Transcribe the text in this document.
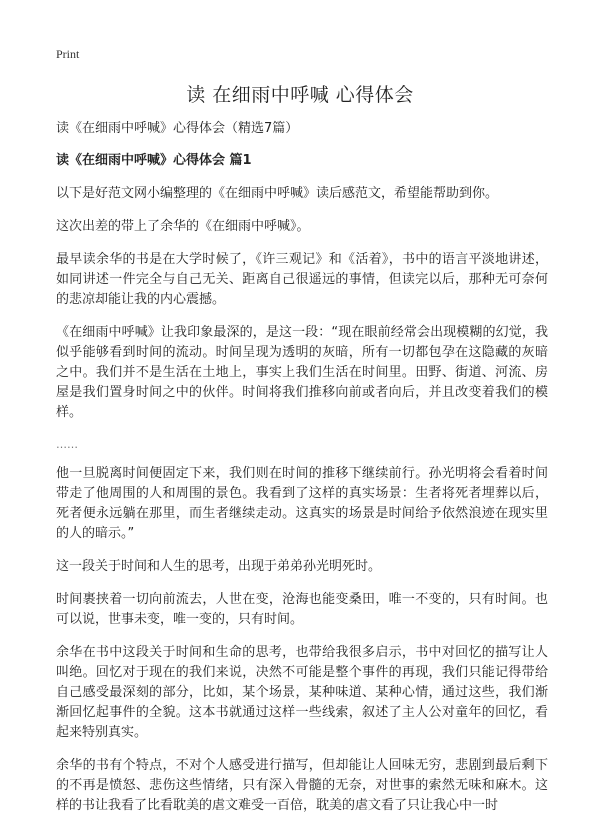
Print
读 在细雨中呼喊 心得体会

读《在细雨中呼喊》心得体会（精选7篇）

读《在细雨中呼喊》心得体会 篇1

以下是好范文网小编整理的《在细雨中呼喊》读后感范文，希望能帮助到你。

这次出差的带上了余华的《在细雨中呼喊》。

最早读余华的书是在大学时候了，《许三观记》和《活着》，书中的语言平淡地讲述，如同讲述一件完全与自己无关、距离自己很遥远的事情，但读完以后，那种无可奈何的悲凉却能让我的内心震撼。

《在细雨中呼喊》让我印象最深的，是这一段：“现在眼前经常会出现模糊的幻觉，我似乎能够看到时间的流动。时间呈现为透明的灰暗，所有一切都包孕在这隐藏的灰暗之中。我们并不是生活在土地上，事实上我们生活在时间里。田野、街道、河流、房屋是我们置身时间之中的伙伴。时间将我们推移向前或者向后，并且改变着我们的模样。

……

他一旦脱离时间便固定下来，我们则在时间的推移下继续前行。孙光明将会看着时间带走了他周围的人和周围的景色。我看到了这样的真实场景：生者将死者埋葬以后，死者便永远躺在那里，而生者继续走动。这真实的场景是时间给予依然浪迹在现实里的人的暗示。”

这一段关于时间和人生的思考，出现于弟弟孙光明死时。

时间裹挟着一切向前流去，人世在变，沧海也能变桑田，唯一不变的，只有时间。也可以说，世事未变，唯一变的，只有时间。

余华在书中这段关于时间和生命的思考，也带给我很多启示，书中对回忆的描写让人叫绝。回忆对于现在的我们来说，决然不可能是整个事件的再现，我们只能记得带给自己感受最深刻的部分，比如，某个场景，某种味道、某种心情，通过这些，我们渐渐回忆起事件的全貌。这本书就通过这样一些线索，叙述了主人公对童年的回忆，看起来特别真实。

余华的书有个特点，不对个人感受进行描写，但却能让人回味无穷，悲剧到最后剩下的不再是愤怒、悲伤这些情绪，只有深入骨髓的无奈，对世事的索然无味和麻木。这样的书让我看了比看耽美的虐文难受一百倍，耽美的虐文看了只让我心中一时
